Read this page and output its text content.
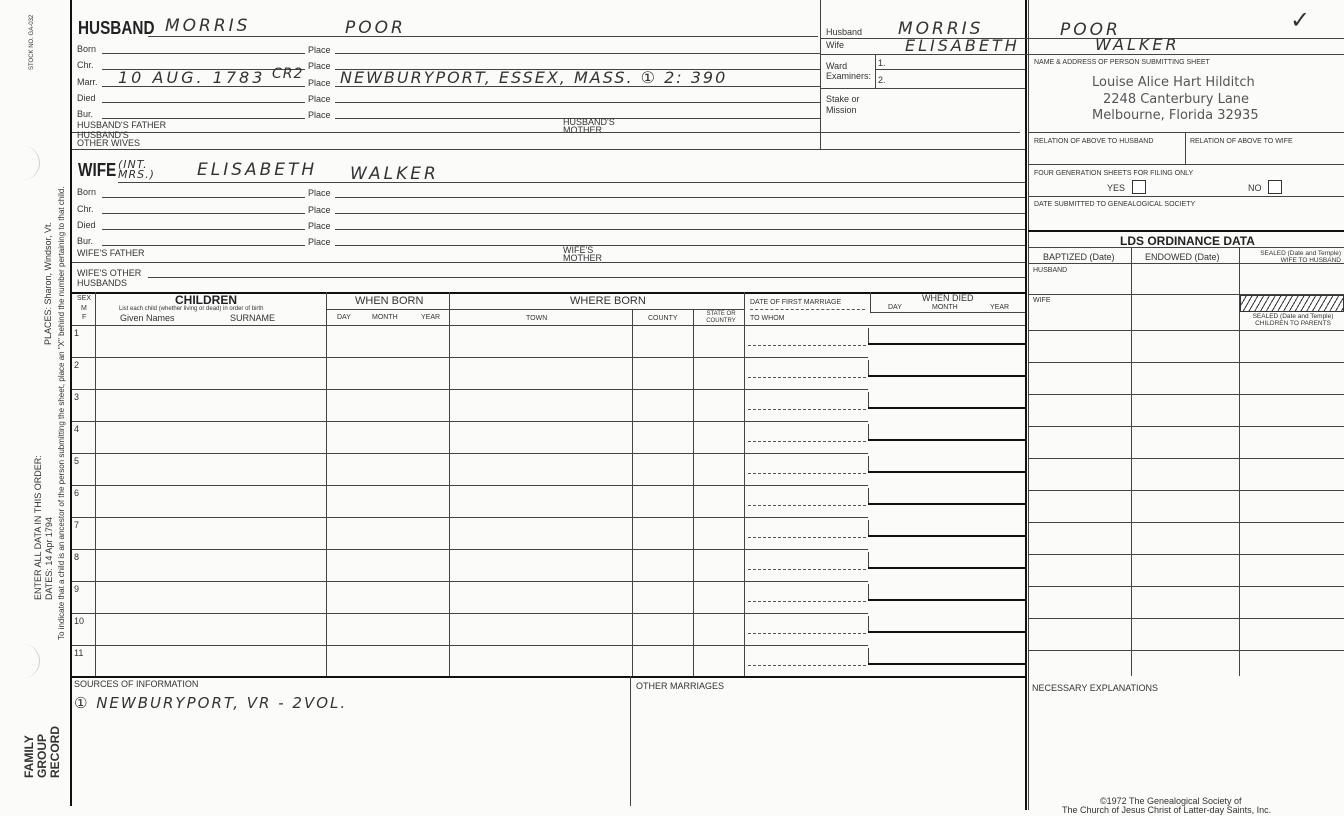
STOCK NO. GA-032
PLACES: Sharon, Windsor, Vt. To indicate that a child is an ancestor of the person submitting the sheet, place an "X" behind the number pertaining to that child.
ENTER ALL DATA IN THIS ORDER: DATES: 14 Apr 1794
FAMILY GROUP RECORD
HUSBAND MORRIS	POOR
Born	Place
Chr.	Place
Marr. 10 AUG. 1783 CR2
Place NEWBURYPORT, ESSEX, MASS. ① 2: 390
Died	Place
Bur.	Place
HUSBAND'S FATHER	HUSBAND'S MOTHER
HUSBAND'S OTHER WIVES
WIFE (INT. MRS.)	ELISABETH WALKER
Born	Place
Chr.	Place
Died	Place
Bur.	Place
WIFE'S FATHER	WIFE'S MOTHER
WIFE'S OTHER HUSBANDS
SEX
M
F
CHILDREN
List each child (whether living or dead) in order of birth
Given Names	SURNAME
WHEN BORN
DAY	MONTH	YEAR
WHERE BORN
TOWN	COUNTY
STATE OR COUNTRY
DATE OF FIRST MARRIAGE
TO WHOM
WHEN DIED
DAY	MONTH	YEAR
1
2
3
4
5
6
7
8
9
10
11
SOURCES OF INFORMATION
① NEWBURYPORT, VR - 2VOL.
OTHER MARRIAGES	NECESSARY EXPLANATIONS
✓
Husband MORRIS	POOR
Wife	ELISABETH	WALKER
Ward	1.
Examiners: 2.
Stake or Mission
NAME & ADDRESS OF PERSON SUBMITTING SHEET
Louise Alice Hart Hilditch
2248 Canterbury Lane
Melbourne, Florida 32935
RELATION OF ABOVE TO HUSBAND	RELATION OF ABOVE TO WIFE
FOUR GENERATION SHEETS FOR FILING ONLY
YES	NO
DATE SUBMITTED TO GENEALOGICAL SOCIETY
LDS ORDINANCE DATA
BAPTIZED (Date)	ENDOWED (Date)	SEALED (Date and Temple) WIFE TO HUSBAND
HUSBAND
WIFE
SEALED (Date and Temple) CHILDREN TO PARENTS
©1972 The Genealogical Society of
The Church of Jesus Christ of Latter-day Saints, Inc.
